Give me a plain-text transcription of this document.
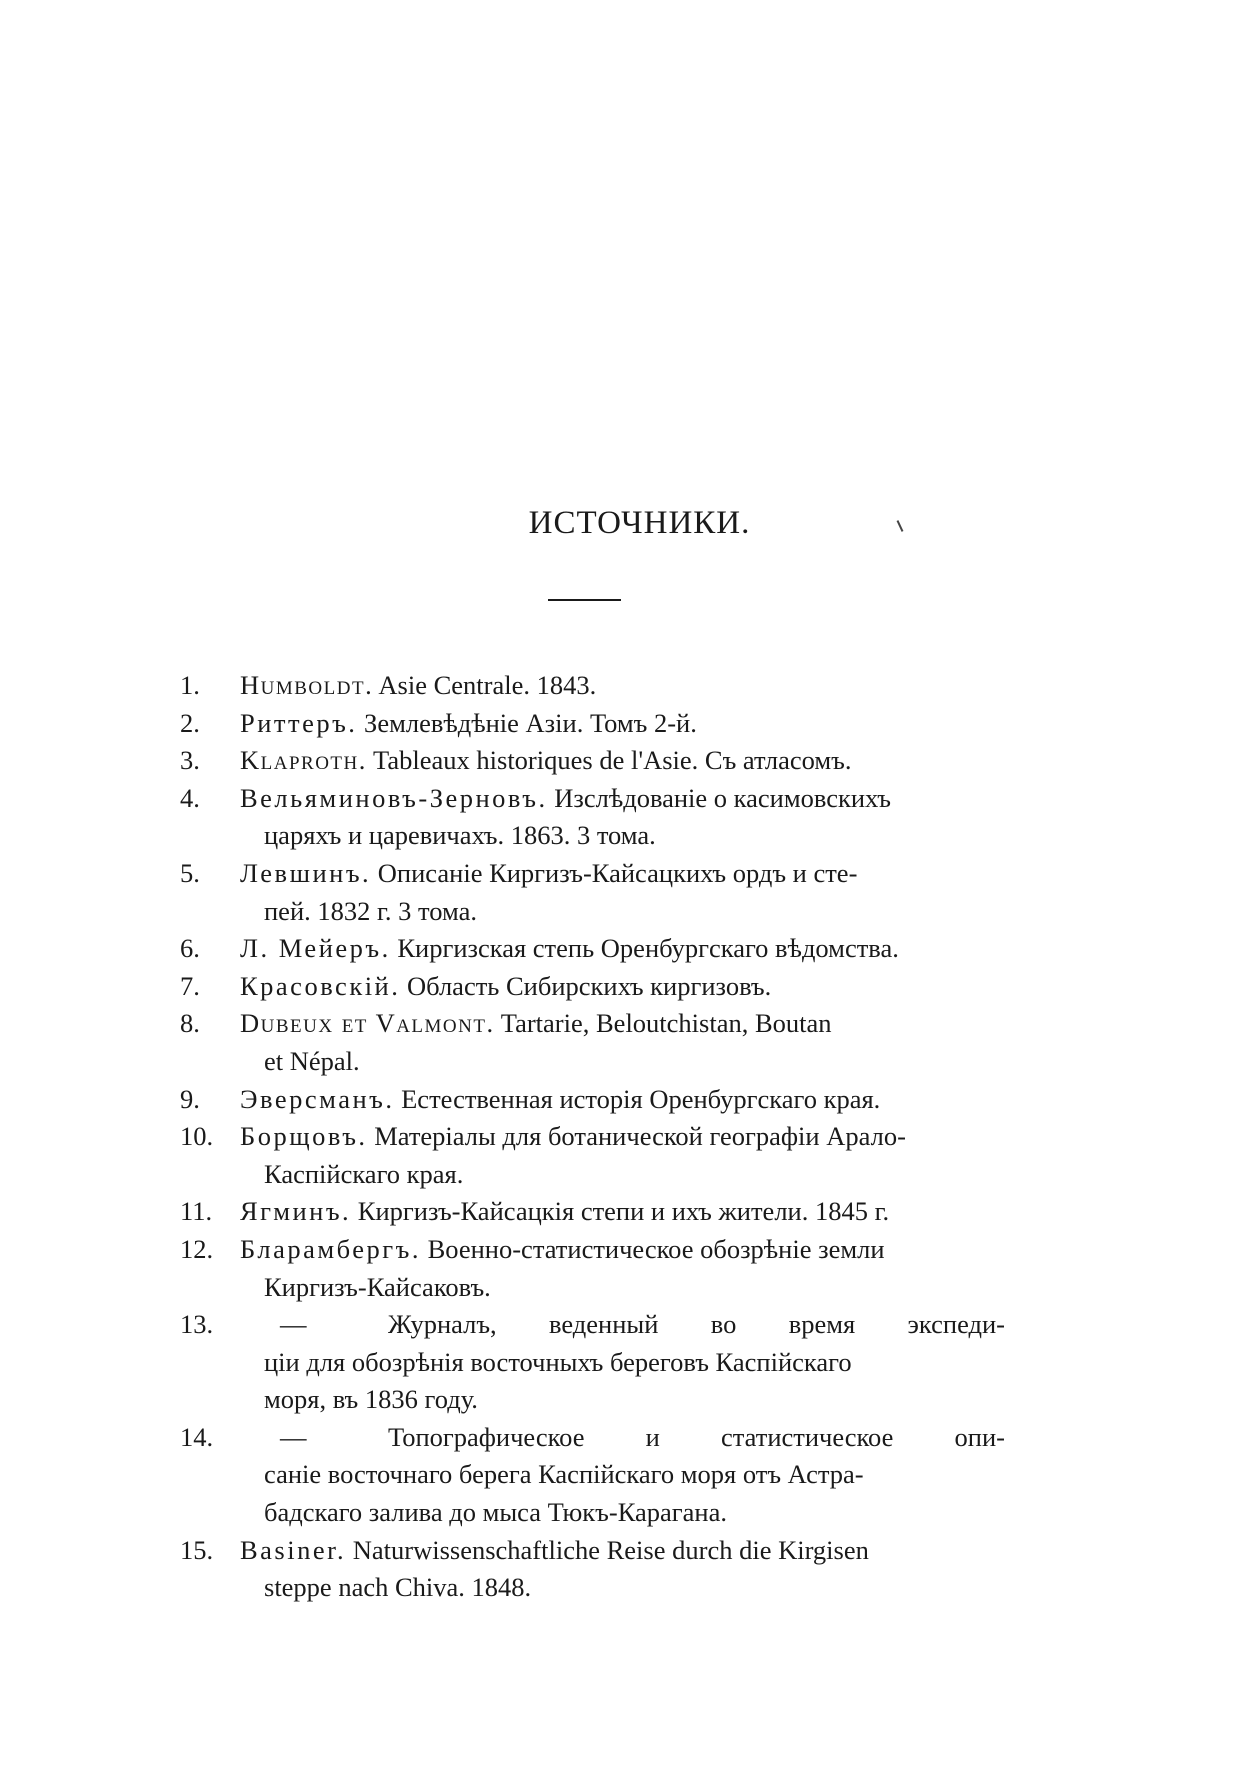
ИСТОЧНИКИ.
1.	Humboldt. Asie Centrale. 1843.
2.	Риттеръ. Землевѣдѣніе Азіи. Томъ 2-й.
3.	Klaproth. Tableaux historiques de l'Asie. Съ атласомъ.
4.	Вельяминовъ-Зерновъ. Изслѣдованіе о касимовскихъ
царяхъ и царевичахъ. 1863. 3 тома.
5.	Левшинъ. Описаніе Киргизъ-Кайсацкихъ ордъ и сте-
пей. 1832 г. 3 тома.
6.	Л. Мейеръ. Киргизская степь Оренбургскаго вѣдомства.
7.	Красовскій. Область Сибирскихъ киргизовъ.
8.	Dubeux et Valmont. Tartarie, Beloutchistan, Boutan
et Népal.
9.	Эверсманъ. Естественная исторія Оренбургскаго края.
10.	Борщовъ. Матеріалы для ботанической географіи Арало-
Каспійскаго края.
11.	Ягминъ. Киргизъ-Кайсацкія степи и ихъ жители. 1845 г.
12.	Бларамбергъ. Военно-статистическое обозрѣніе земли
Киргизъ-Кайсаковъ.
13.	—	Журналъ, веденный во время экспеди-
ціи для обозрѣнія восточныхъ береговъ Каспійскаго
моря, въ 1836 году.
14.	—	Топографическое и статистическое опи-
саніе восточнаго берега Каспійскаго моря отъ Астра-
бадскаго залива до мыса Тюкъ-Карагана.
15.	Basiner. Naturwissenschaftliche Reise durch die Kirgisen
steppe nach Chiva. 1848.
